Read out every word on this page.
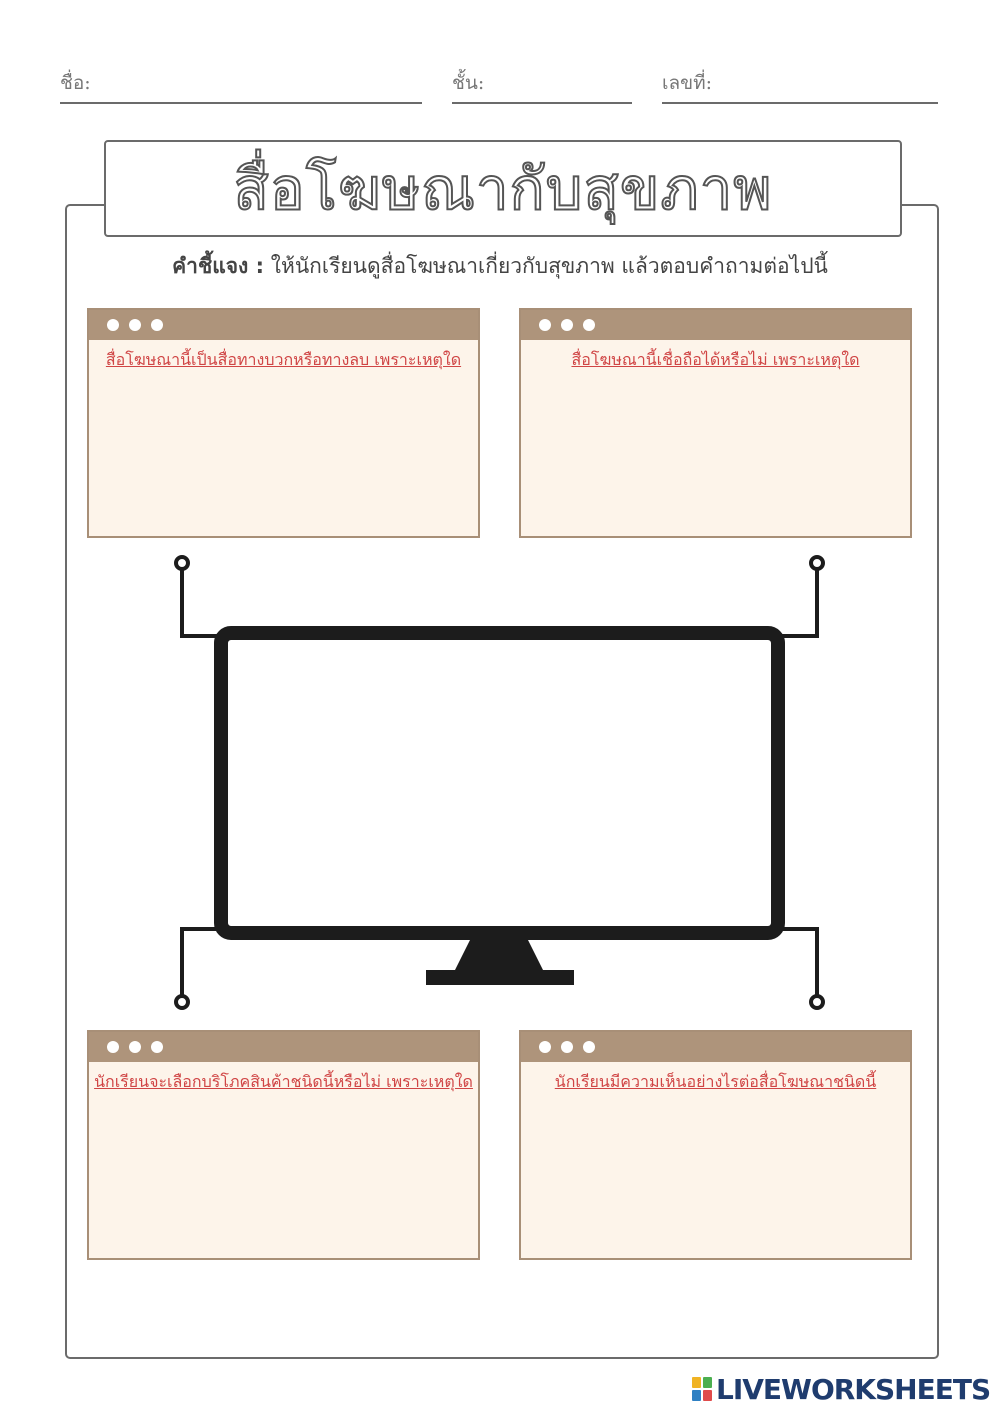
ชื่อ:	ชั้น:	เลขที่:
สื่อโฆษณากับสุขภาพ
คำชี้แจง : ให้นักเรียนดูสื่อโฆษณาเกี่ยวกับสุขภาพ แล้วตอบคำถามต่อไปนี้
สื่อโฆษณานี้เป็นสื่อทางบวกหรือทางลบ เพราะเหตุใด	สื่อโฆษณานี้เชื่อถือได้หรือไม่ เพราะเหตุใด
นักเรียนจะเลือกบริโภคสินค้าชนิดนี้หรือไม่ เพราะเหตุใด	นักเรียนมีความเห็นอย่างไรต่อสื่อโฆษณาชนิดนี้
LIVEWORKSHEETS
